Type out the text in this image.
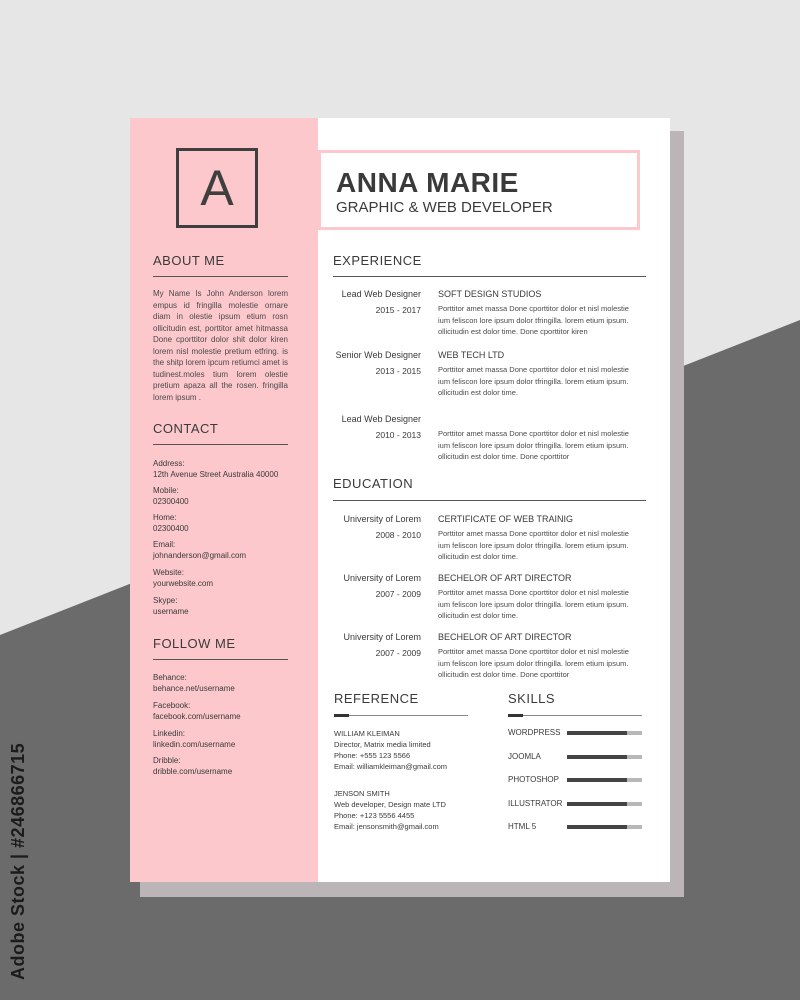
A
ABOUT ME
My Name Is John Anderson lorem empus id fringilla molestie ornare diam in olestie ipsum etium rosn ollicitudin est, porttitor amet hitmassa Done cporttitor dolor shit dolor kiren lorem nisl molestie pretium etfring. is the shitp lorem ipcum retiumci amet is tudinest.moles tium lorem olestie pretium apaza all the rosen. fringilla lorem ipsum .
CONTACT
Address:
12th Avenue Street Australia 40000
Mobile:
02300400
Home:
02300400
Email:
johnanderson@gmail.com
Website:
yourwebsite.com
Skype:
username
FOLLOW ME
Behance:
behance.net/username
Facebook:
facebook.com/username
Linkedin:
linkedin.com/username
Dribble:
dribble.com/username
ANNA MARIE
GRAPHIC & WEB DEVELOPER
EXPERIENCE
Lead Web Designer
2015 - 2017
SOFT DESIGN STUDIOS
Porttitor amet massa Done cporttitor dolor et nisl molestie ium feliscon lore ipsum dolor tfringilla. lorem etium ipsum. ollicitudin est dolor time. Done cporttitor kiren
Senior Web Designer
2013 - 2015
WEB TECH LTD
Porttitor amet massa Done cporttitor dolor et nisl molestie ium feliscon lore ipsum dolor tfringilla. lorem etium ipsum. ollicitudin est dolor time.
Lead Web Designer
2010 - 2013 Porttitor amet massa Done cporttitor dolor et nisl molestie ium feliscon lore ipsum dolor tfringilla. lorem etium ipsum. ollicitudin est dolor time. Done cporttitor
EDUCATION
University of Lorem
2008 - 2010
CERTIFICATE OF WEB TRAINIG
Porttitor amet massa Done cporttitor dolor et nisl molestie ium feliscon lore ipsum dolor tfringilla. lorem etium ipsum. ollicitudin est dolor time.
University of Lorem
2007 - 2009
BECHELOR OF ART DIRECTOR
Porttitor amet massa Done cporttitor dolor et nisl molestie ium feliscon lore ipsum dolor tfringilla. lorem etium ipsum. ollicitudin est dolor time.
University of Lorem
2007 - 2009
BECHELOR OF ART DIRECTOR
Porttitor amet massa Done cporttitor dolor et nisl molestie ium feliscon lore ipsum dolor tfringilla. lorem etium ipsum. ollicitudin est dolor time. Done cporttitor
REFERENCE
WILLIAM KLEIMAN
Director, Matrix media limited
Phone: +555 123 5566
Email: williamkleiman@gmail.com
JENSON SMITH
Web developer, Design mate LTD
Phone: +123 5556 4455
Email: jensonsmith@gmail.com
SKILLS
WORDPRESS
JOOMLA
PHOTOSHOP
ILLUSTRATOR
HTML 5
Adobe Stock | #246866715
